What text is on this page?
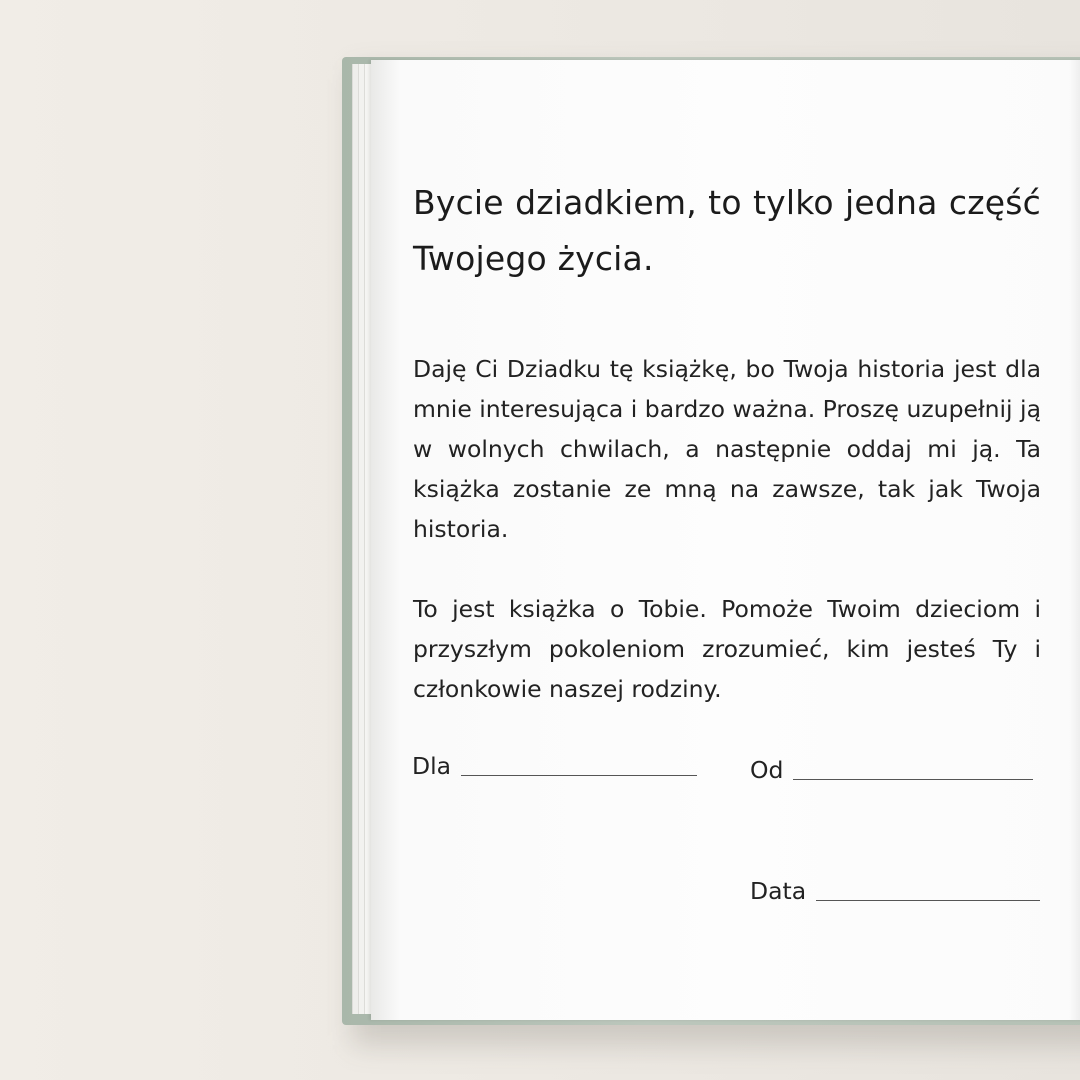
Bycie dziadkiem, to tylko jedna część Twojego życia.

Daję Ci Dziadku tę książkę, bo Twoja historia jest dla mnie interesująca i bardzo ważna. Proszę uzupełnij ją w wolnych chwilach, a następnie oddaj mi ją. Ta książka zostanie ze mną na zawsze, tak jak Twoja historia.

To jest książka o Tobie. Pomoże Twoim dzieciom i przyszłym pokoleniom zrozumieć, kim jesteś Ty i członkowie naszej rodziny.

Dla	Od
Data
